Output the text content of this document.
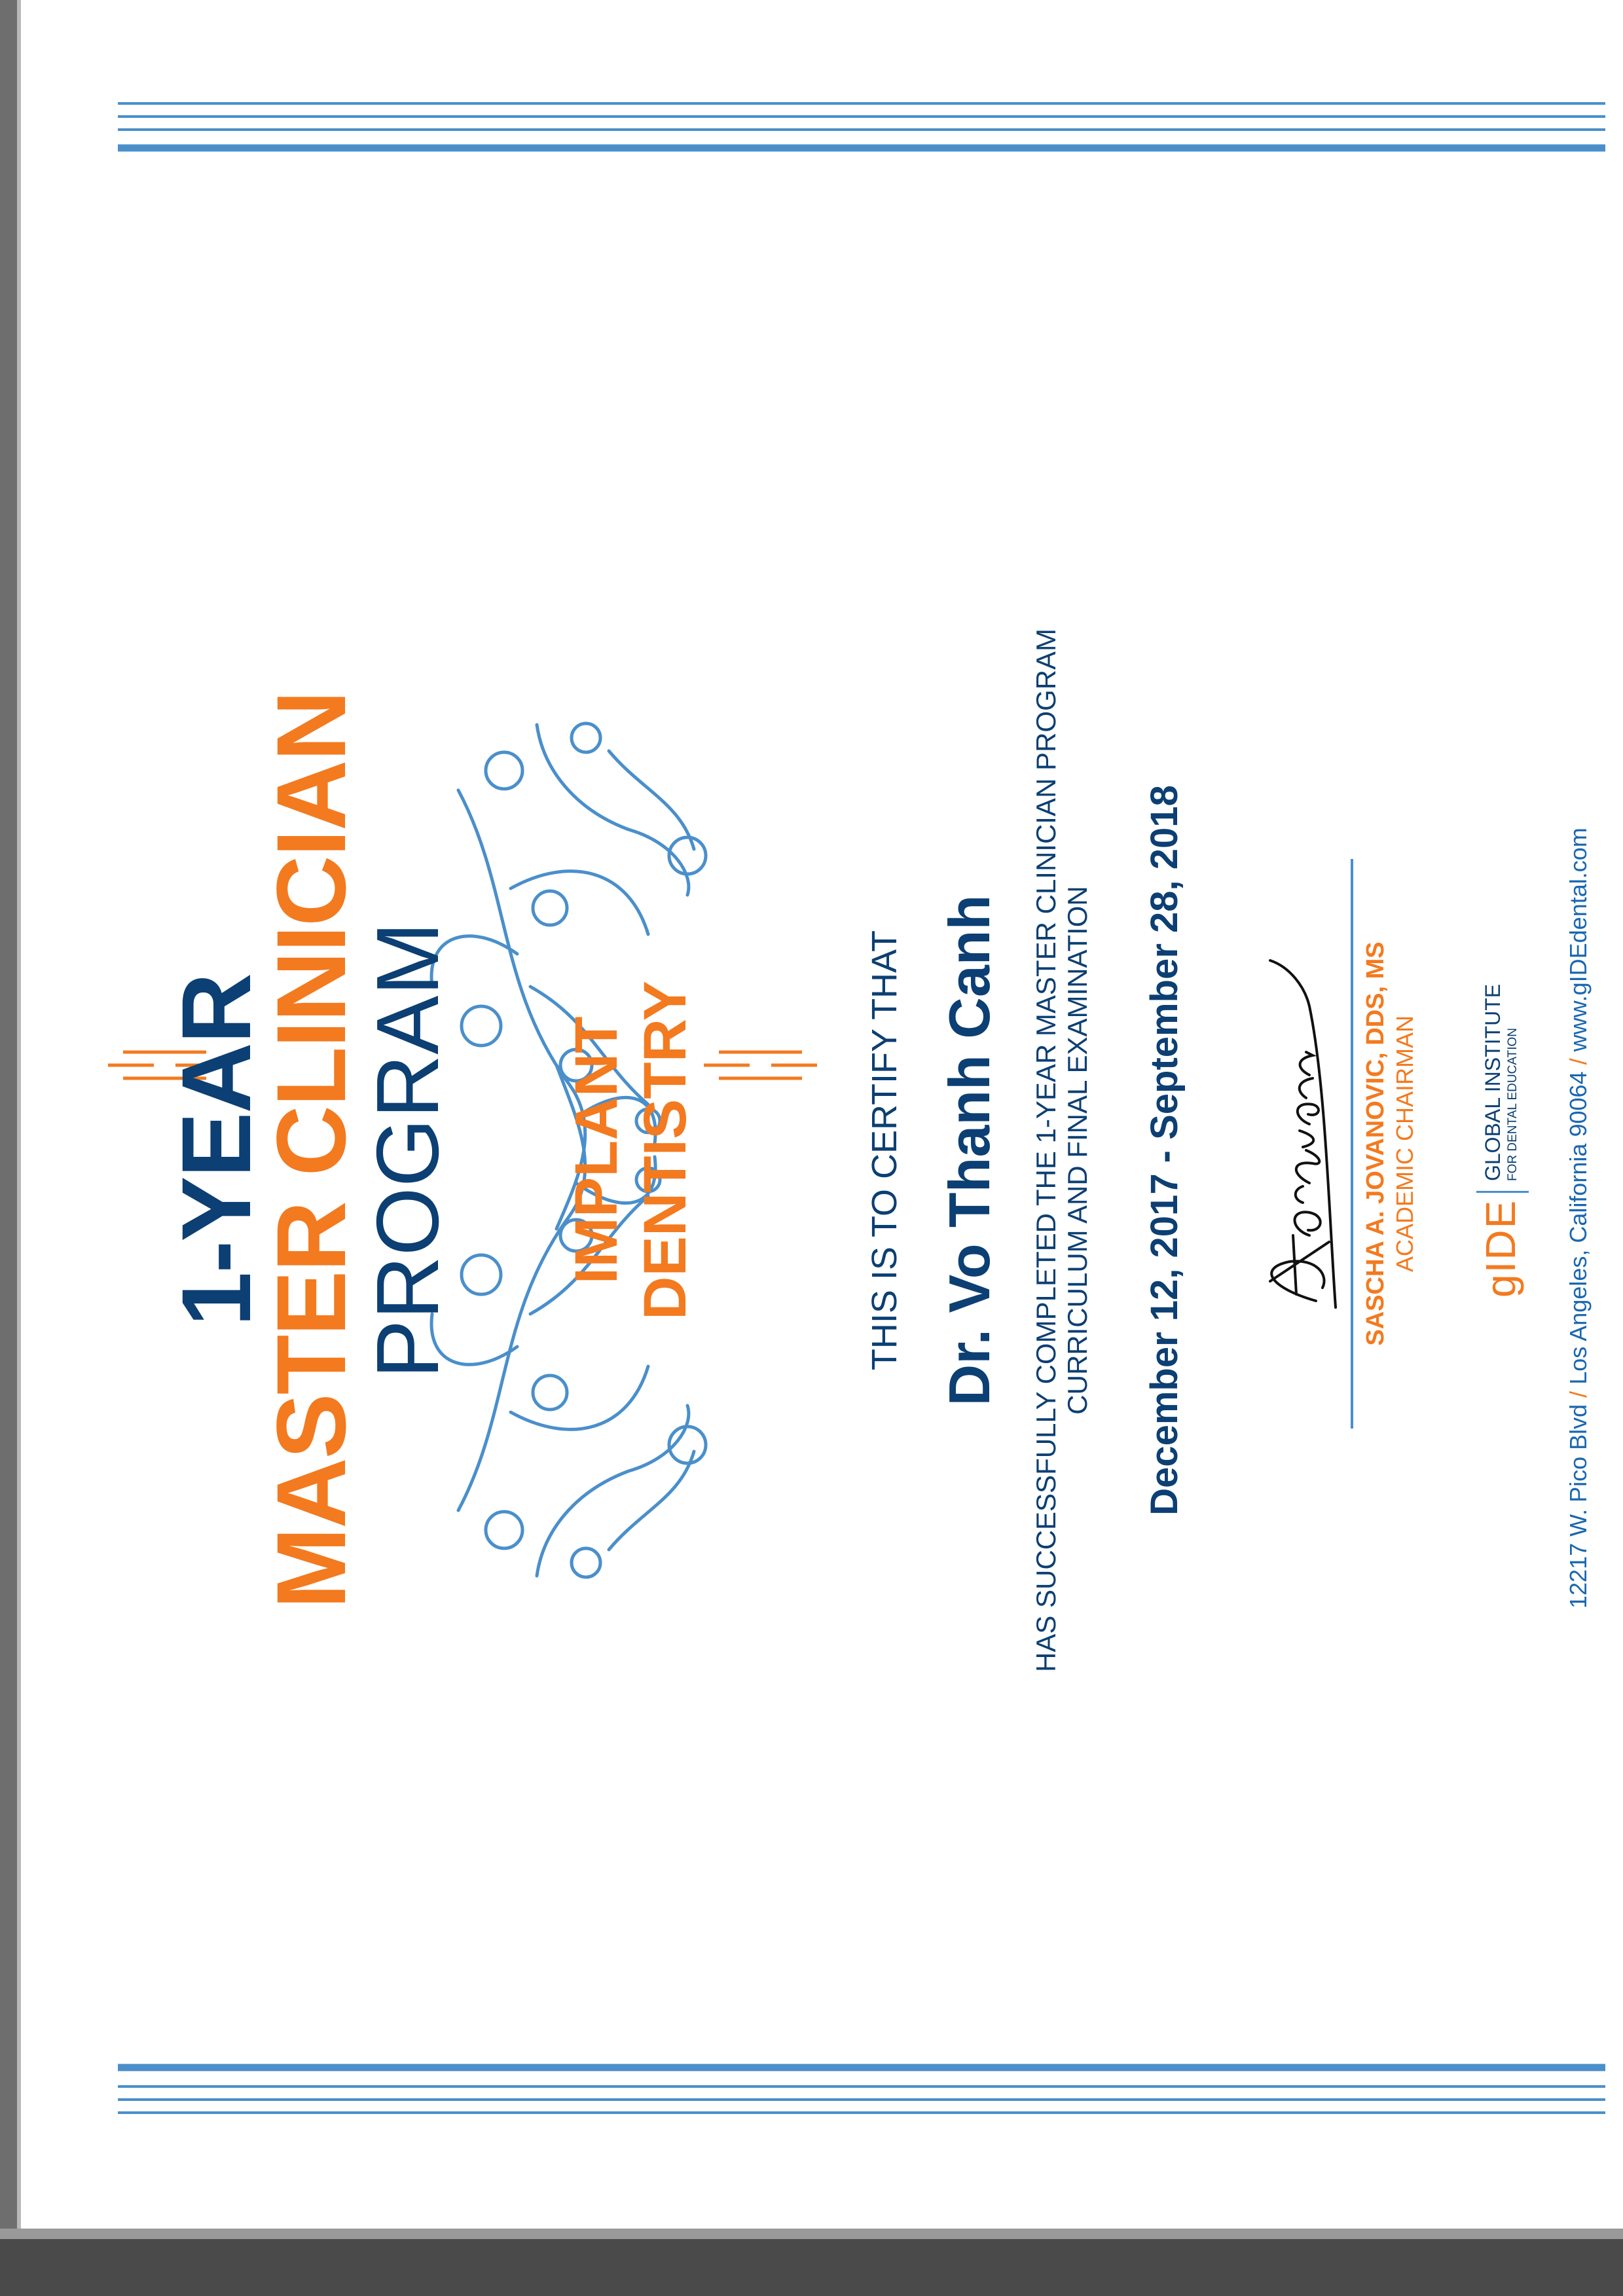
1-YEAR
MASTER CLINICIAN
PROGRAM IMPLANT DENTISTRY	THIS IS TO CERTIFY THAT Dr. Vo Thanh Canh HAS SUCCESSFULLY COMPLETED THE 1-YEAR MASTER CLINICIAN PROGRAM CURRICULUM AND FINAL EXAMINATION December 12, 2017 - September 28, 2018	SASCHA A. JOVANOVIC, DDS, MS ACADEMIC CHAIRMAN gIDE
GLOBAL INSTITUTE FOR DENTAL EDUCATION
12217 W. Pico Blvd / Los Angeles, California 90064 / www.gIDEdental.com
